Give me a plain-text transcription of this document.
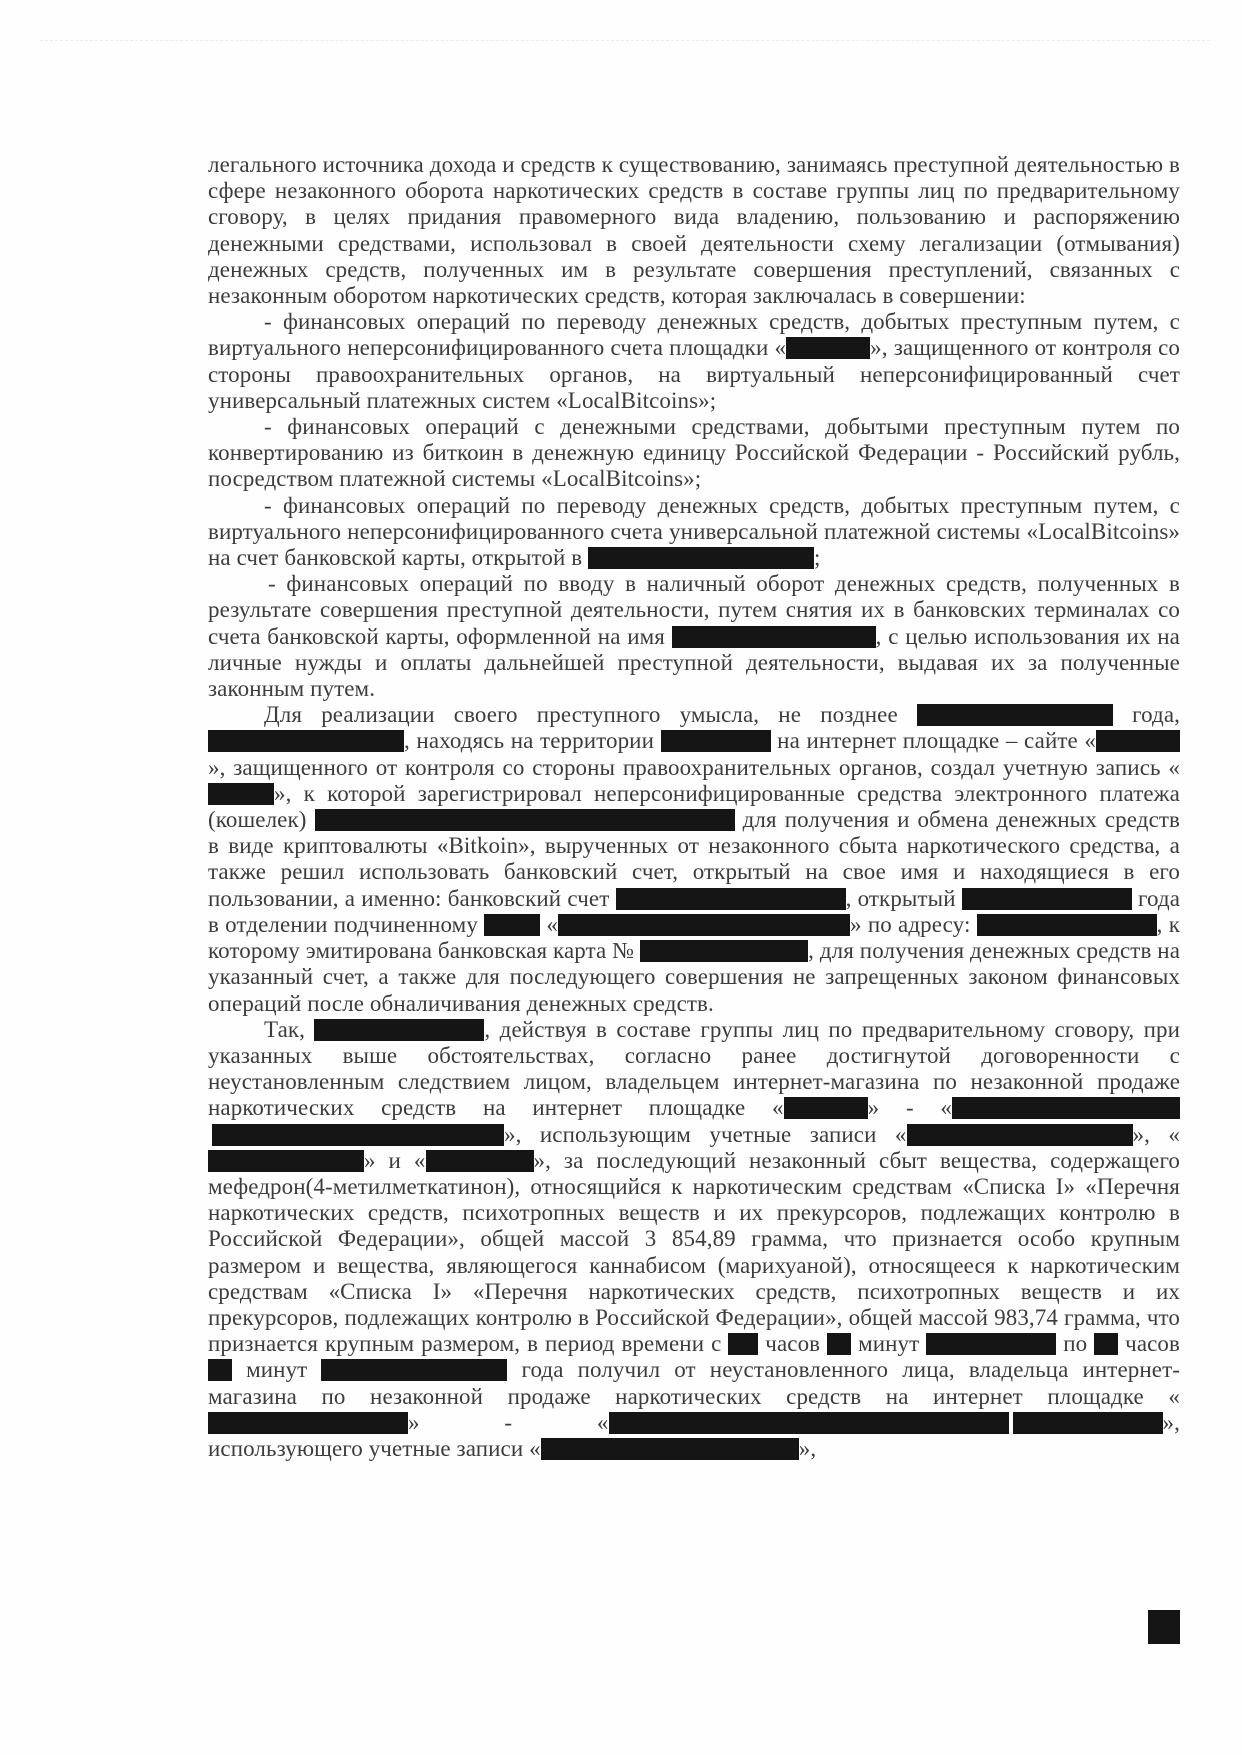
легального источника дохода и средств к существованию, занимаясь преступной деятельностью в сфере незаконного оборота наркотических средств в составе группы лиц по предварительному сговору, в целях придания правомерного вида владению, пользованию и распоряжению денежными средствами, использовал в своей деятельности схему легализации (отмывания) денежных средств, полученных им в результате совершения преступлений, связанных с незаконным оборотом наркотических средств, которая заключалась в совершении:

- финансовых операций по переводу денежных средств, добытых преступным путем, с виртуального неперсонифицированного счета площадки «	», защищенного от контроля со стороны правоохранительных органов, на виртуальный неперсонифицированный счет универсальный платежных систем «LocalBitcoins»;

- финансовых операций с денежными средствами, добытыми преступным путем по конвертированию из биткоин в денежную единицу Российской Федерации - Российский рубль, посредством платежной системы «LocalBitcoins»;

- финансовых операций по переводу денежных средств, добытых преступным путем, с виртуального неперсонифицированного счета универсальной платежной системы «LocalBitcoins» на счет банковской карты, открытой в	;

- финансовых операций по вводу в наличный оборот денежных средств, полученных в результате совершения преступной деятельности, путем снятия их в банковских терминалах со счета банковской карты, оформленной на имя	, с целью использования их на личные нужды и оплаты дальнейшей преступной деятельности, выдавая их за полученные законным путем.

Для реализации своего преступного умысла, не позднее	года, , находясь на территории	на интернет площадке – сайте «», защищенного от контроля со стороны правоохранительных органов, создал учетную запись «», к которой зарегистрировал неперсонифицированные средства электронного платежа (кошелек)	для получения и обмена денежных средств в виде криптовалюты «Bitkoin», вырученных от незаконного сбыта наркотического средства, а также решил использовать банковский счет, открытый на свое имя и находящиеся в его пользовании, а именно: банковский счет	, открытый	года в отделении подчиненному  «	» по адресу:	, к которому эмитирована банковская карта №	, для получения денежных средств на указанный счет, а также для последующего совершения не запрещенных законом финансовых операций после обналичивания денежных средств.

Так,	, действуя в составе группы лиц по предварительному сговору, при указанных выше обстоятельствах, согласно ранее достигнутой договоренности с неустановленным следствием лицом, владельцем интернет-магазина по незаконной продаже наркотических средств на интернет площадке «	» - «», использующим учетные записи «	», «» и «	», за последующий незаконный сбыт вещества, содержащего мефедрон(4-метилметкатинон), относящийся к наркотическим средствам «Списка I» «Перечня наркотических средств, психотропных веществ и их прекурсоров, подлежащих контролю в Российской Федерации», общей массой 3 854,89 грамма, что признается особо крупным размером и вещества, являющегося каннабисом (марихуаной), относящееся к наркотическим средствам «Списка I» «Перечня наркотических средств, психотропных веществ и их прекурсоров, подлежащих контролю в Российской Федерации», общей массой 983,74 грамма, что признается крупным размером, в период времени с  часов  минут	по  часов  минут	года получил от неустановленного лица, владельца интернет-магазина по незаконной продаже наркотических средств на интернет площадке «» - «	», использующего учетные записи «	»,
